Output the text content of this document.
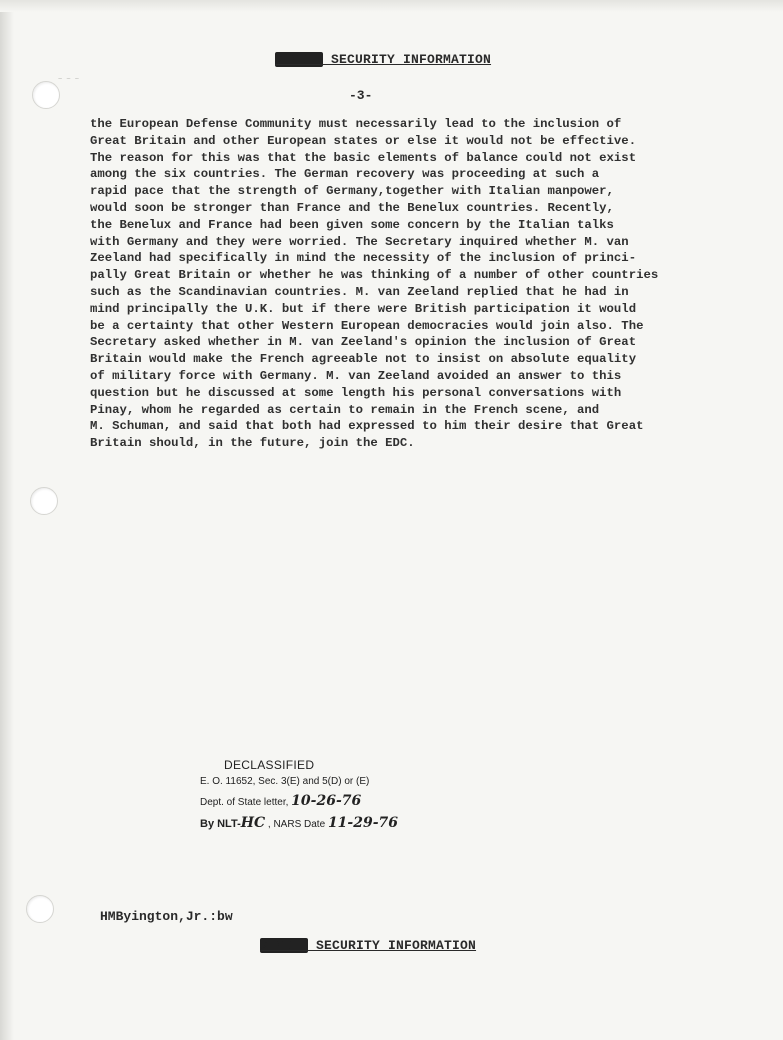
~ ~ ~
SECRET SECURITY INFORMATION
-3-
the European Defense Community must necessarily lead to the inclusion of
Great Britain and other European states or else it would not be effective.
The reason for this was that the basic elements of balance could not exist
among the six countries. The German recovery was proceeding at such a
rapid pace that the strength of Germany,together with Italian manpower,
would soon be stronger than France and the Benelux countries. Recently,
the Benelux and France had been given some concern by the Italian talks
with Germany and they were worried. The Secretary inquired whether M. van
Zeeland had specifically in mind the necessity of the inclusion of princi-
pally Great Britain or whether he was thinking of a number of other countries
such as the Scandinavian countries. M. van Zeeland replied that he had in
mind principally the U.K. but if there were British participation it would
be a certainty that other Western European democracies would join also. The
Secretary asked whether in M. van Zeeland's opinion the inclusion of Great
Britain would make the French agreeable not to insist on absolute equality
of military force with Germany. M. van Zeeland avoided an answer to this
question but he discussed at some length his personal conversations with
Pinay, whom he regarded as certain to remain in the French scene, and
M. Schuman, and said that both had expressed to him their desire that Great
Britain should, in the future, join the EDC.
DECLASSIFIED
E. O. 11652, Sec. 3(E) and 5(D) or (E)
Dept. of State letter, 10-26-76
By NLT-HC , NARS Date 11-29-76
HMByington,Jr.:bw
SECRET SECURITY INFORMATION
